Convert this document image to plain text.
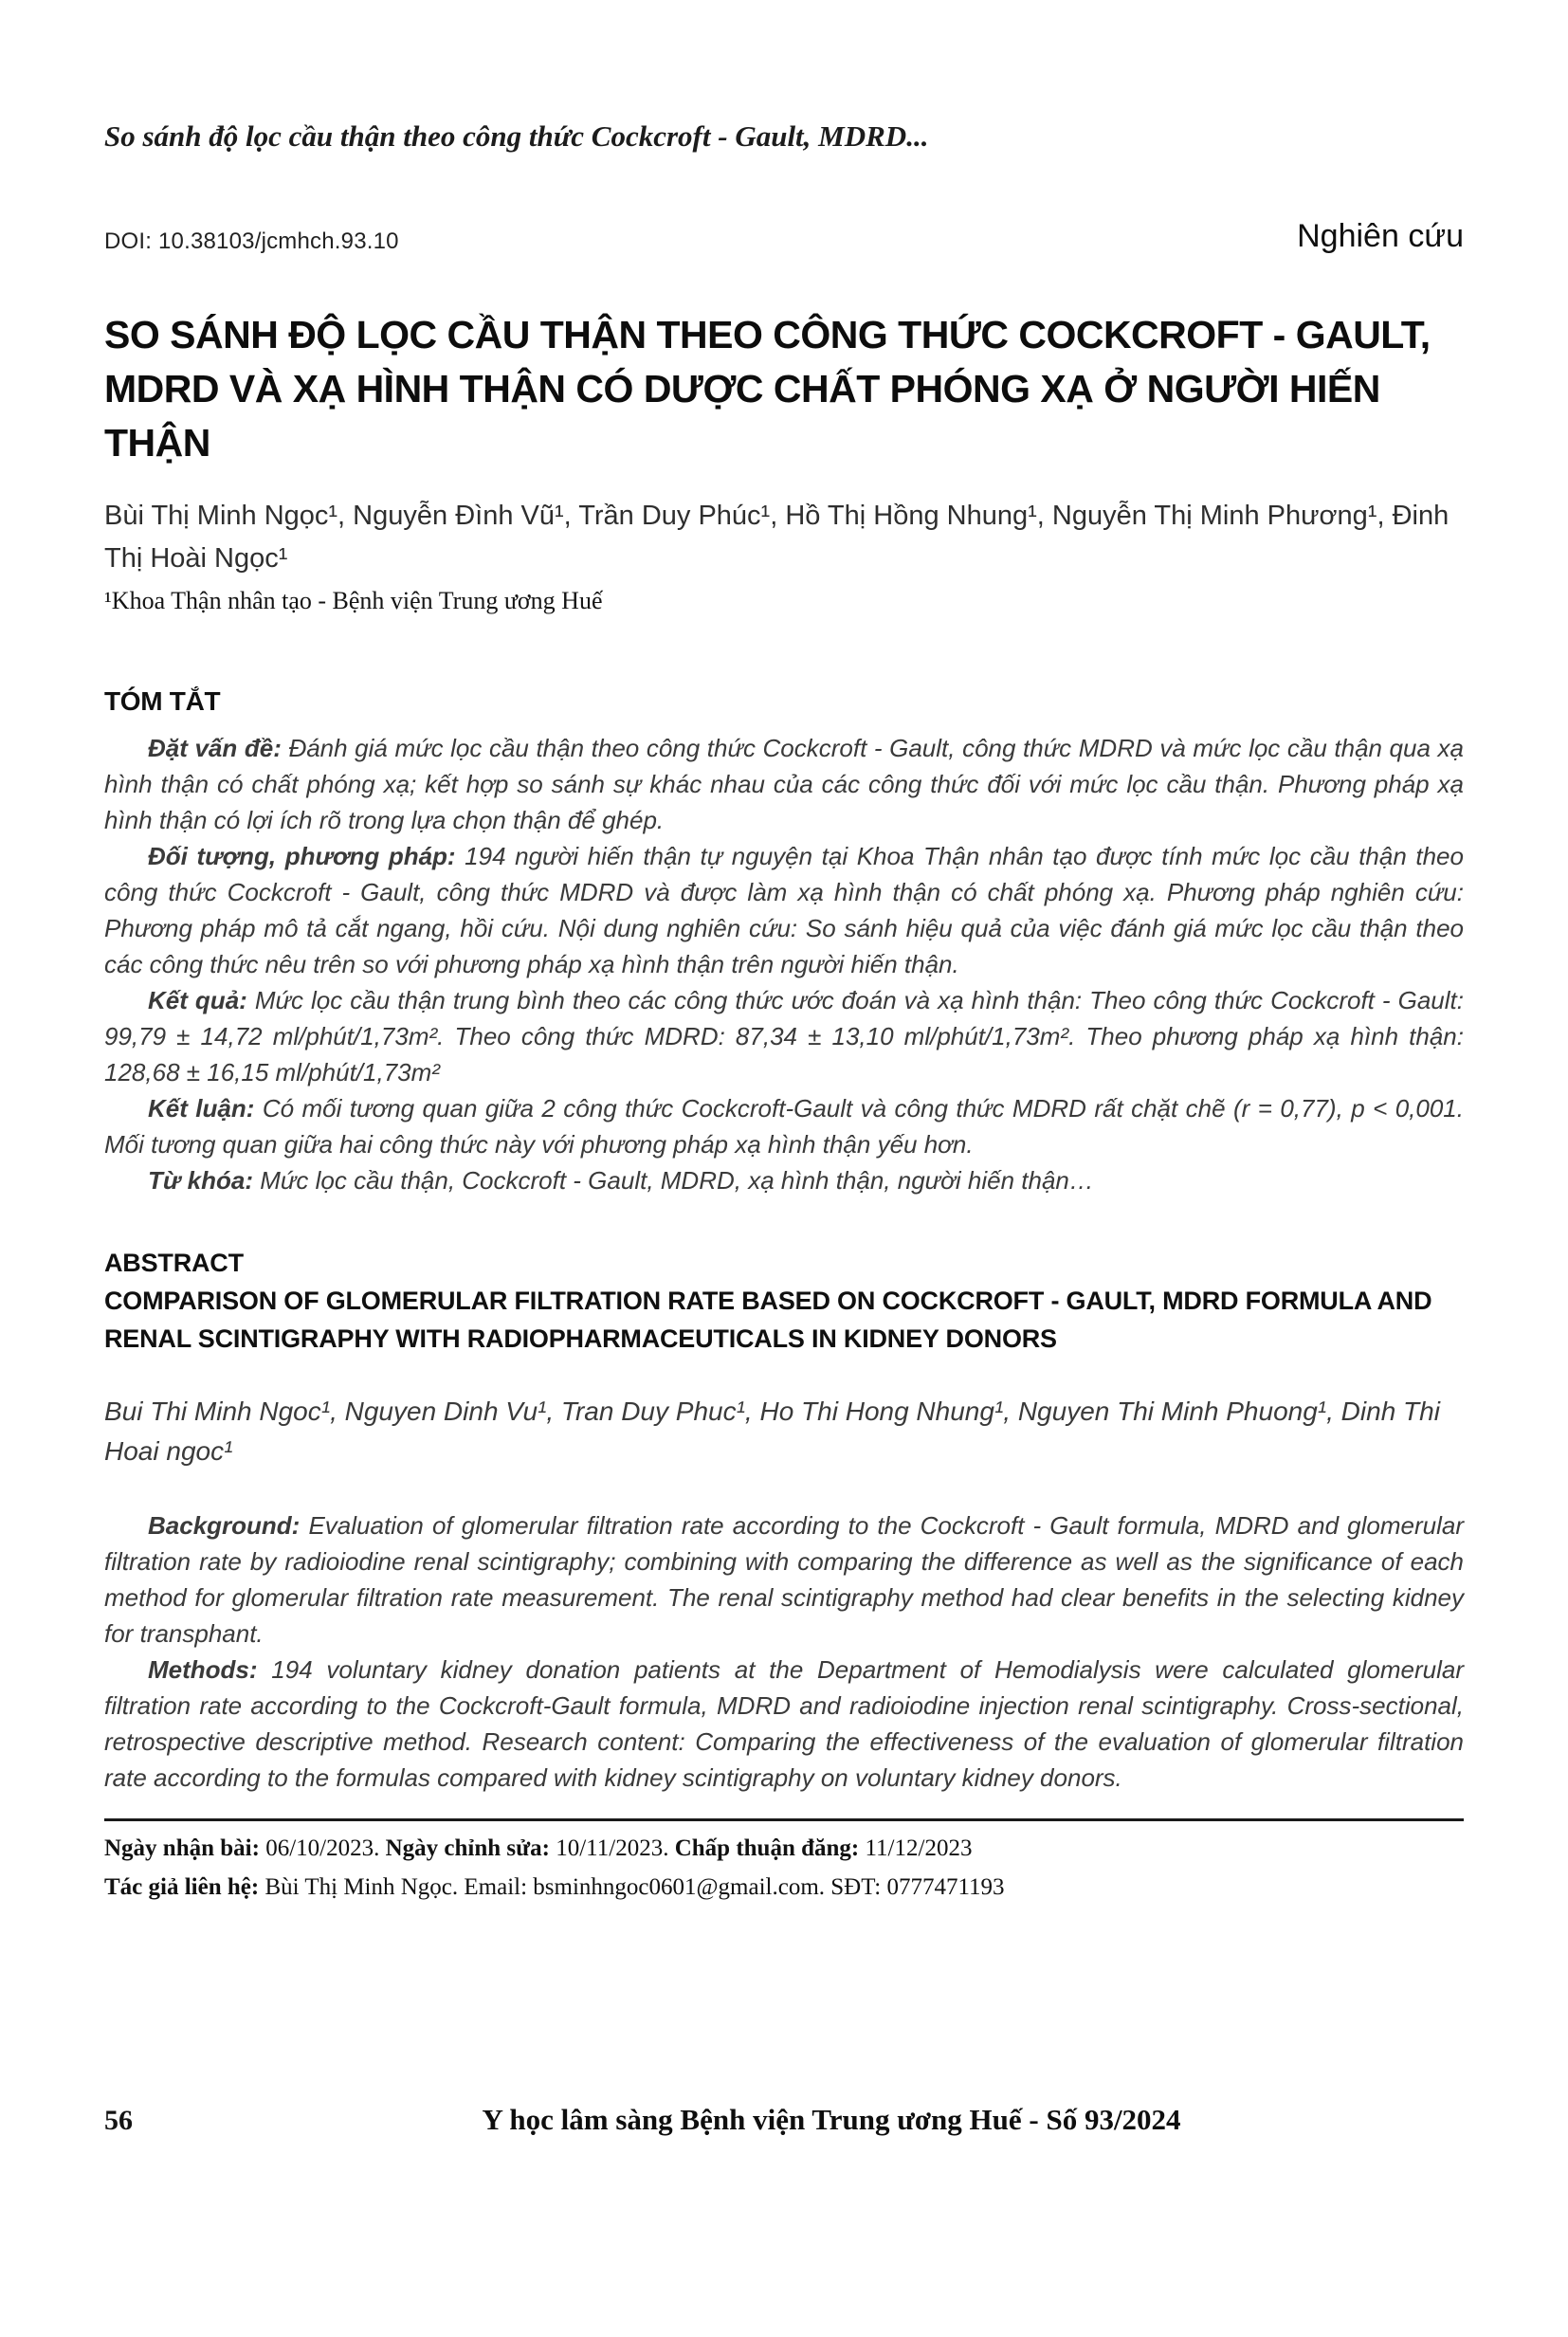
So sánh độ lọc cầu thận theo công thức Cockcroft - Gault, MDRD...
DOI: 10.38103/jcmhch.93.10	Nghiên cứu
SO SÁNH ĐỘ LỌC CẦU THẬN THEO CÔNG THỨC COCKCROFT - GAULT, MDRD VÀ XẠ HÌNH THẬN CÓ DƯỢC CHẤT PHÓNG XẠ Ở NGƯỜI HIẾN THẬN
Bùi Thị Minh Ngọc¹, Nguyễn Đình Vũ¹, Trần Duy Phúc¹, Hồ Thị Hồng Nhung¹, Nguyễn Thị Minh Phương¹, Đinh Thị Hoài Ngọc¹
¹Khoa Thận nhân tạo - Bệnh viện Trung ương Huế
TÓM TẮT

Đặt vấn đề: Đánh giá mức lọc cầu thận theo công thức Cockcroft - Gault, công thức MDRD và mức lọc cầu thận qua xạ hình thận có chất phóng xạ; kết hợp so sánh sự khác nhau của các công thức đối với mức lọc cầu thận. Phương pháp xạ hình thận có lợi ích rõ trong lựa chọn thận để ghép.

Đối tượng, phương pháp: 194 người hiến thận tự nguyện tại Khoa Thận nhân tạo được tính mức lọc cầu thận theo công thức Cockcroft - Gault, công thức MDRD và được làm xạ hình thận có chất phóng xạ. Phương pháp nghiên cứu: Phương pháp mô tả cắt ngang, hồi cứu. Nội dung nghiên cứu: So sánh hiệu quả của việc đánh giá mức lọc cầu thận theo các công thức nêu trên so với phương pháp xạ hình thận trên người hiến thận.

Kết quả: Mức lọc cầu thận trung bình theo các công thức ước đoán và xạ hình thận: Theo công thức Cockcroft - Gault: 99,79 ± 14,72 ml/phút/1,73m². Theo công thức MDRD: 87,34 ± 13,10 ml/phút/1,73m². Theo phương pháp xạ hình thận: 128,68 ± 16,15 ml/phút/1,73m²

Kết luận: Có mối tương quan giữa 2 công thức Cockcroft-Gault và công thức MDRD rất chặt chẽ (r = 0,77), p < 0,001. Mối tương quan giữa hai công thức này với phương pháp xạ hình thận yếu hơn.

Từ khóa: Mức lọc cầu thận, Cockcroft - Gault, MDRD, xạ hình thận, người hiến thận…

ABSTRACT
COMPARISON OF GLOMERULAR FILTRATION RATE BASED ON COCKCROFT - GAULT, MDRD FORMULA AND RENAL SCINTIGRAPHY WITH RADIOPHARMACEUTICALS IN KIDNEY DONORS
Bui Thi Minh Ngoc¹, Nguyen Dinh Vu¹, Tran Duy Phuc¹, Ho Thi Hong Nhung¹, Nguyen Thi Minh Phuong¹, Dinh Thi Hoai ngoc¹

Background: Evaluation of glomerular filtration rate according to the Cockcroft - Gault formula, MDRD and glomerular filtration rate by radioiodine renal scintigraphy; combining with comparing the difference as well as the significance of each method for glomerular filtration rate measurement. The renal scintigraphy method had clear benefits in the selecting kidney for transphant.

Methods: 194 voluntary kidney donation patients at the Department of Hemodialysis were calculated glomerular filtration rate according to the Cockcroft-Gault formula, MDRD and radioiodine injection renal scintigraphy. Cross-sectional, retrospective descriptive method. Research content: Comparing the effectiveness of the evaluation of glomerular filtration rate according to the formulas compared with kidney scintigraphy on voluntary kidney donors.

Ngày nhận bài: 06/10/2023. Ngày chỉnh sửa: 10/11/2023. Chấp thuận đăng: 11/12/2023
Tác giả liên hệ: Bùi Thị Minh Ngọc. Email: bsminhngoc0601@gmail.com. SĐT: 0777471193
56	Y học lâm sàng Bệnh viện Trung ương Huế - Số 93/2024
